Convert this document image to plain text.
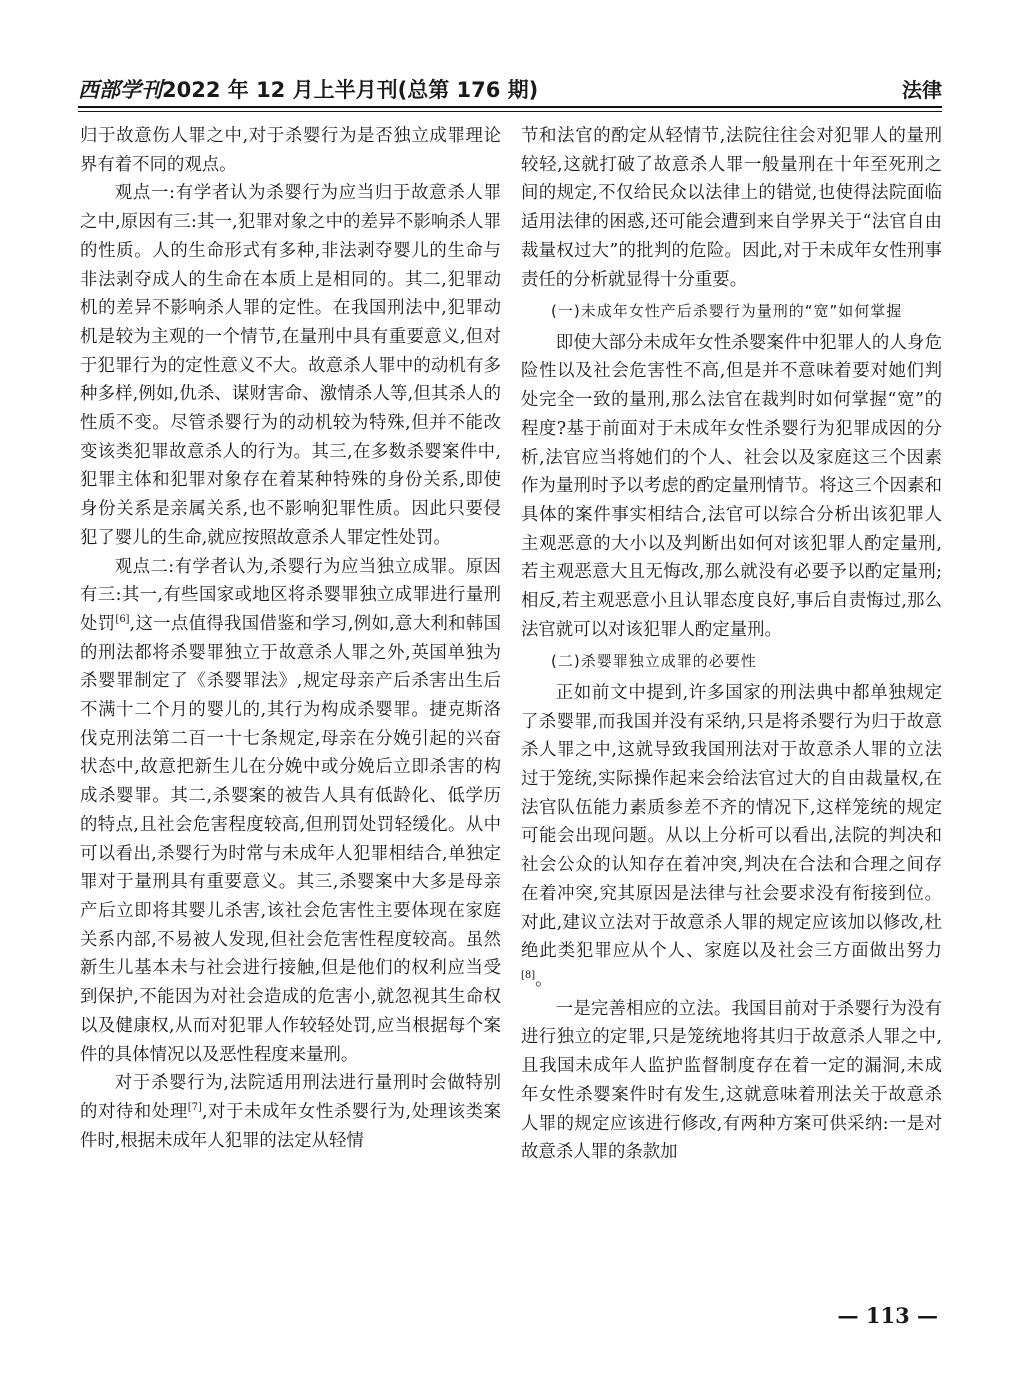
西部学刊2022 年 12 月上半月刊(总第 176 期)	法律

归于故意伤人罪之中,对于杀婴行为是否独立成罪理论界有着不同的观点。

观点一:有学者认为杀婴行为应当归于故意杀人罪之中,原因有三:其一,犯罪对象之中的差异不影响杀人罪的性质。人的生命形式有多种,非法剥夺婴儿的生命与非法剥夺成人的生命在本质上是相同的。其二,犯罪动机的差异不影响杀人罪的定性。在我国刑法中,犯罪动机是较为主观的一个情节,在量刑中具有重要意义,但对于犯罪行为的定性意义不大。故意杀人罪中的动机有多种多样,例如,仇杀、谋财害命、激情杀人等,但其杀人的性质不变。尽管杀婴行为的动机较为特殊,但并不能改变该类犯罪故意杀人的行为。其三,在多数杀婴案件中,犯罪主体和犯罪对象存在着某种特殊的身份关系,即使身份关系是亲属关系,也不影响犯罪性质。因此只要侵犯了婴儿的生命,就应按照故意杀人罪定性处罚。

观点二:有学者认为,杀婴行为应当独立成罪。原因有三:其一,有些国家或地区将杀婴罪独立成罪进行量刑处罚[6],这一点值得我国借鉴和学习,例如,意大利和韩国的刑法都将杀婴罪独立于故意杀人罪之外,英国单独为杀婴罪制定了《杀婴罪法》,规定母亲产后杀害出生后不满十二个月的婴儿的,其行为构成杀婴罪。捷克斯洛伐克刑法第二百一十七条规定,母亲在分娩引起的兴奋状态中,故意把新生儿在分娩中或分娩后立即杀害的构成杀婴罪。其二,杀婴案的被告人具有低龄化、低学历的特点,且社会危害程度较高,但刑罚处罚轻缓化。从中可以看出,杀婴行为时常与未成年人犯罪相结合,单独定罪对于量刑具有重要意义。其三,杀婴案中大多是母亲产后立即将其婴儿杀害,该社会危害性主要体现在家庭关系内部,不易被人发现,但社会危害性程度较高。虽然新生儿基本未与社会进行接触,但是他们的权利应当受到保护,不能因为对社会造成的危害小,就忽视其生命权以及健康权,从而对犯罪人作较轻处罚,应当根据每个案件的具体情况以及恶性程度来量刑。

对于杀婴行为,法院适用刑法进行量刑时会做特别的对待和处理[7],对于未成年女性杀婴行为,处理该类案件时,根据未成年人犯罪的法定从轻情

节和法官的酌定从轻情节,法院往往会对犯罪人的量刑较轻,这就打破了故意杀人罪一般量刑在十年至死刑之间的规定,不仅给民众以法律上的错觉,也使得法院面临适用法律的困惑,还可能会遭到来自学界关于“法官自由裁量权过大”的批判的危险。因此,对于未成年女性刑事责任的分析就显得十分重要。

(一)未成年女性产后杀婴行为量刑的“宽”如何掌握

即使大部分未成年女性杀婴案件中犯罪人的人身危险性以及社会危害性不高,但是并不意味着要对她们判处完全一致的量刑,那么法官在裁判时如何掌握“宽”的程度?基于前面对于未成年女性杀婴行为犯罪成因的分析,法官应当将她们的个人、社会以及家庭这三个因素作为量刑时予以考虑的酌定量刑情节。将这三个因素和具体的案件事实相结合,法官可以综合分析出该犯罪人主观恶意的大小以及判断出如何对该犯罪人酌定量刑,若主观恶意大且无悔改,那么就没有必要予以酌定量刑;相反,若主观恶意小且认罪态度良好,事后自责悔过,那么法官就可以对该犯罪人酌定量刑。

(二)杀婴罪独立成罪的必要性

正如前文中提到,许多国家的刑法典中都单独规定了杀婴罪,而我国并没有采纳,只是将杀婴行为归于故意杀人罪之中,这就导致我国刑法对于故意杀人罪的立法过于笼统,实际操作起来会给法官过大的自由裁量权,在法官队伍能力素质参差不齐的情况下,这样笼统的规定可能会出现问题。从以上分析可以看出,法院的判决和社会公众的认知存在着冲突,判决在合法和合理之间存在着冲突,究其原因是法律与社会要求没有衔接到位。对此,建议立法对于故意杀人罪的规定应该加以修改,杜绝此类犯罪应从个人、家庭以及社会三方面做出努力[8]。

一是完善相应的立法。我国目前对于杀婴行为没有进行独立的定罪,只是笼统地将其归于故意杀人罪之中,且我国未成年人监护监督制度存在着一定的漏洞,未成年女性杀婴案件时有发生,这就意味着刑法关于故意杀人罪的规定应该进行修改,有两种方案可供采纳:一是对故意杀人罪的条款加

— 113 —
